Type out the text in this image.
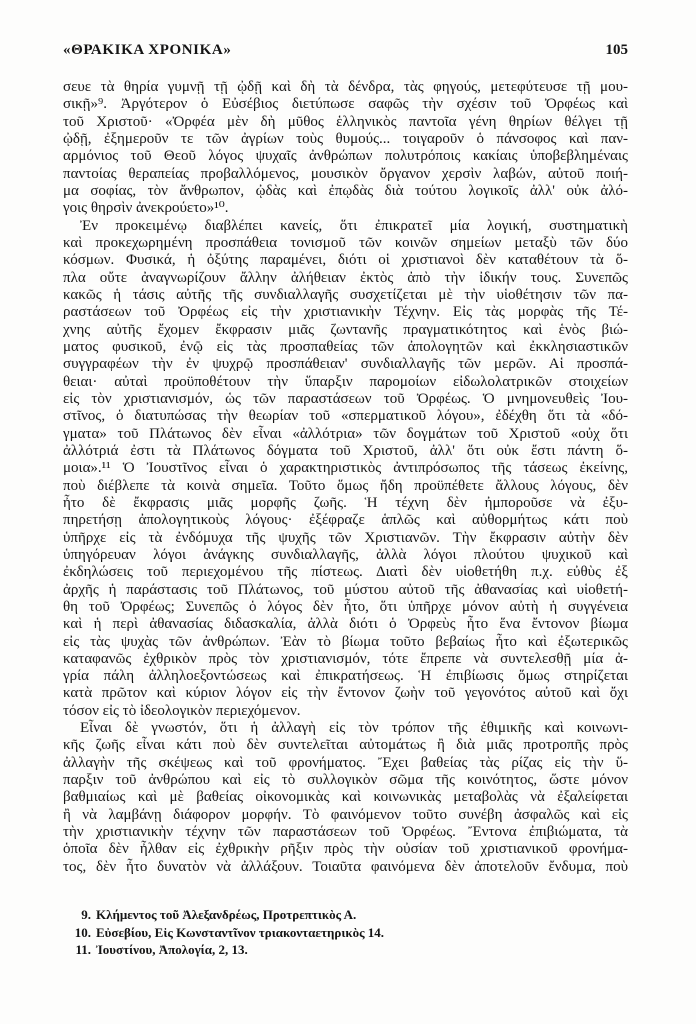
«ΘΡΑΚΙΚΑ ΧΡΟΝΙΚΑ»	105
σευε τὰ θηρία γυμνῇ τῇ ᾠδῇ καὶ δὴ τὰ δένδρα, τὰς φηγούς, μετεφύτευσε τῇ μου-
σικῇ»⁹. Ἀργότερον ὁ Εὐσέβιος διετύπωσε σαφῶς τὴν σχέσιν τοῦ Ὀρφέως καὶ
τοῦ Χριστοῦ· «Ὀρφέα μὲν δὴ μῦθος ἑλληνικὸς παντοῖα γένη θηρίων θέλγει τῇ
ᾠδῇ, ἐξημεροῦν τε τῶν ἀγρίων τοὺς θυμούς... τοιγαροῦν ὁ πάνσοφος καὶ παν-
αρμόνιος τοῦ Θεοῦ λόγος ψυχαῖς ἀνθρώπων πολυτρόποις κακίαις ὑποβεβλημέναις
παντοίας θεραπείας προβαλλόμενος, μουσικὸν ὄργανον χερσὶν λαβών, αὐτοῦ ποιή-
μα σοφίας, τὸν ἄνθρωπον, ᾠδὰς καὶ ἐπῳδὰς διὰ τούτου λογικοῖς ἀλλ' οὐκ ἀλό-
γοις θηρσὶν ἀνεκρούετο»¹⁰.
Ἐν προκειμένῳ διαβλέπει κανείς, ὅτι ἐπικρατεῖ μία λογική, συστηματικὴ
καὶ προκεχωρημένη προσπάθεια τονισμοῦ τῶν κοινῶν σημείων μεταξὺ τῶν δύο
κόσμων. Φυσικά, ἡ ὀξύτης παραμένει, διότι οἱ χριστιανοὶ δὲν καταθέτουν τὰ ὅ-
πλα οὔτε ἀναγνωρίζουν ἄλλην ἀλήθειαν ἐκτὸς ἀπὸ τὴν ἰδικήν τους. Συνεπῶς
κακῶς ἡ τάσις αὐτῆς τῆς συνδιαλλαγῆς συσχετίζεται μὲ τὴν υἱοθέτησιν τῶν πα-
ραστάσεων τοῦ Ὀρφέως εἰς τὴν χριστιανικὴν Τέχνην. Εἰς τὰς μορφὰς τῆς Τέ-
χνης αὐτῆς ἔχομεν ἔκφρασιν μιᾶς ζωντανῆς πραγματικότητος καὶ ἑνὸς βιώ-
ματος φυσικοῦ, ἐνῷ εἰς τὰς προσπαθείας τῶν ἀπολογητῶν καὶ ἐκκλησιαστικῶν
συγγραφέων τὴν ἐν ψυχρῷ προσπάθειαν' συνδιαλλαγῆς τῶν μερῶν. Αἱ προσπά-
θειαι· αὐταὶ προϋποθέτουν τὴν ὕπαρξιν παρομοίων εἰδωλολατρικῶν στοιχείων
εἰς τὸν χριστιανισμόν, ὡς τῶν παραστάσεων τοῦ Ὀρφέως. Ὁ μνημονευθεὶς Ἰου-
στῖνος, ὁ διατυπώσας τὴν θεωρίαν τοῦ «σπερματικοῦ λόγου», ἐδέχθη ὅτι τὰ «δό-
γματα» τοῦ Πλάτωνος δὲν εἶναι «ἀλλότρια» τῶν δογμάτων τοῦ Χριστοῦ «οὐχ ὅτι
ἀλλότριά ἐστι τὰ Πλάτωνος δόγματα τοῦ Χριστοῦ, ἀλλ' ὅτι οὐκ ἔστι πάντη ὅ-
μοια».¹¹ Ὁ Ἰουστῖνος εἶναι ὁ χαρακτηριστικὸς ἀντιπρόσωπος τῆς τάσεως ἐκείνης,
ποὺ διέβλεπε τὰ κοινὰ σημεῖα. Τοῦτο ὅμως ἤδη προϋπέθετε ἄλλους λόγους, δὲν
ἦτο δὲ ἔκφρασις μιᾶς μορφῆς ζωῆς. Ἡ τέχνη δὲν ἠμποροῦσε νὰ ἐξυ-
πηρετήσῃ ἀπολογητικοὺς λόγους· ἐξέφραζε ἁπλῶς καὶ αὐθορμήτως κάτι ποὺ
ὑπῆρχε εἰς τὰ ἐνδόμυχα τῆς ψυχῆς τῶν Χριστιανῶν. Τὴν ἔκφρασιν αὐτὴν δὲν
ὑπηγόρευαν λόγοι ἀνάγκης συνδιαλλαγῆς, ἀλλὰ λόγοι πλούτου ψυχικοῦ καὶ
ἐκδηλώσεις τοῦ περιεχομένου τῆς πίστεως. Διατὶ δὲν υἱοθετήθη π.χ. εὐθὺς ἐξ
ἀρχῆς ἡ παράστασις τοῦ Πλάτωνος, τοῦ μύστου αὐτοῦ τῆς ἀθανασίας καὶ υἱοθετή-
θη τοῦ Ὀρφέως; Συνεπῶς ὁ λόγος δὲν ἦτο, ὅτι ὑπῆρχε μόνον αὐτὴ ἡ συγγένεια
καὶ ἡ περὶ ἀθανασίας διδασκαλία, ἀλλὰ διότι ὁ Ὀρφεὺς ἦτο ἕνα ἔντονον βίωμα
εἰς τὰς ψυχὰς τῶν ἀνθρώπων. Ἐὰν τὸ βίωμα τοῦτο βεβαίως ἦτο καὶ ἐξωτερικῶς
καταφανῶς ἐχθρικὸν πρὸς τὸν χριστιανισμόν, τότε ἔπρεπε νὰ συντελεσθῇ μία ἀ-
γρία πάλη ἀλληλοεξοντώσεως καὶ ἐπικρατήσεως. Ἡ ἐπιβίωσις ὅμως στηρίζεται
κατὰ πρῶτον καὶ κύριον λόγον εἰς τὴν ἔντονον ζωὴν τοῦ γεγονότος αὐτοῦ καὶ ὄχι
τόσον εἰς τὸ ἰδεολογικὸν περιεχόμενον.
Εἶναι δὲ γνωστόν, ὅτι ἡ ἀλλαγὴ εἰς τὸν τρόπον τῆς ἐθιμικῆς καὶ κοινωνι-
κῆς ζωῆς εἶναι κάτι ποὺ δὲν συντελεῖται αὐτομάτως ἢ διὰ μιᾶς προτροπῆς πρὸς
ἀλλαγὴν τῆς σκέψεως καὶ τοῦ φρονήματος. Ἔχει βαθείας τὰς ρίζας εἰς τὴν ὕ-
παρξιν τοῦ ἀνθρώπου καὶ εἰς τὸ συλλογικὸν σῶμα τῆς κοινότητος, ὥστε μόνον
βαθμιαίως καὶ μὲ βαθείας οἰκονομικὰς καὶ κοινωνικὰς μεταβολὰς νὰ ἐξαλείφεται
ἢ νὰ λαμβάνῃ διάφορον μορφήν. Τὸ φαινόμενον τοῦτο συνέβη ἀσφαλῶς καὶ εἰς
τὴν χριστιανικὴν τέχνην τῶν παραστάσεων τοῦ Ὀρφέως. Ἔντονα ἐπιβιώματα, τὰ
ὁποῖα δὲν ἦλθαν εἰς ἐχθρικὴν ρῆξιν πρὸς τὴν οὐσίαν τοῦ χριστιανικοῦ φρονήμα-
τος, δὲν ἦτο δυνατὸν νὰ ἀλλάξουν. Τοιαῦτα φαινόμενα δὲν ἀποτελοῦν ἔνδυμα, ποὺ
9. Κλήμεντος τοῦ Ἀλεξανδρέως, Προτρεπτικὸς Α.
10. Εὐσεβίου, Εἰς Κωνσταντῖνον τριακονταετηρικὸς 14.
11. Ἰουστίνου, Ἀπολογία, 2, 13.
